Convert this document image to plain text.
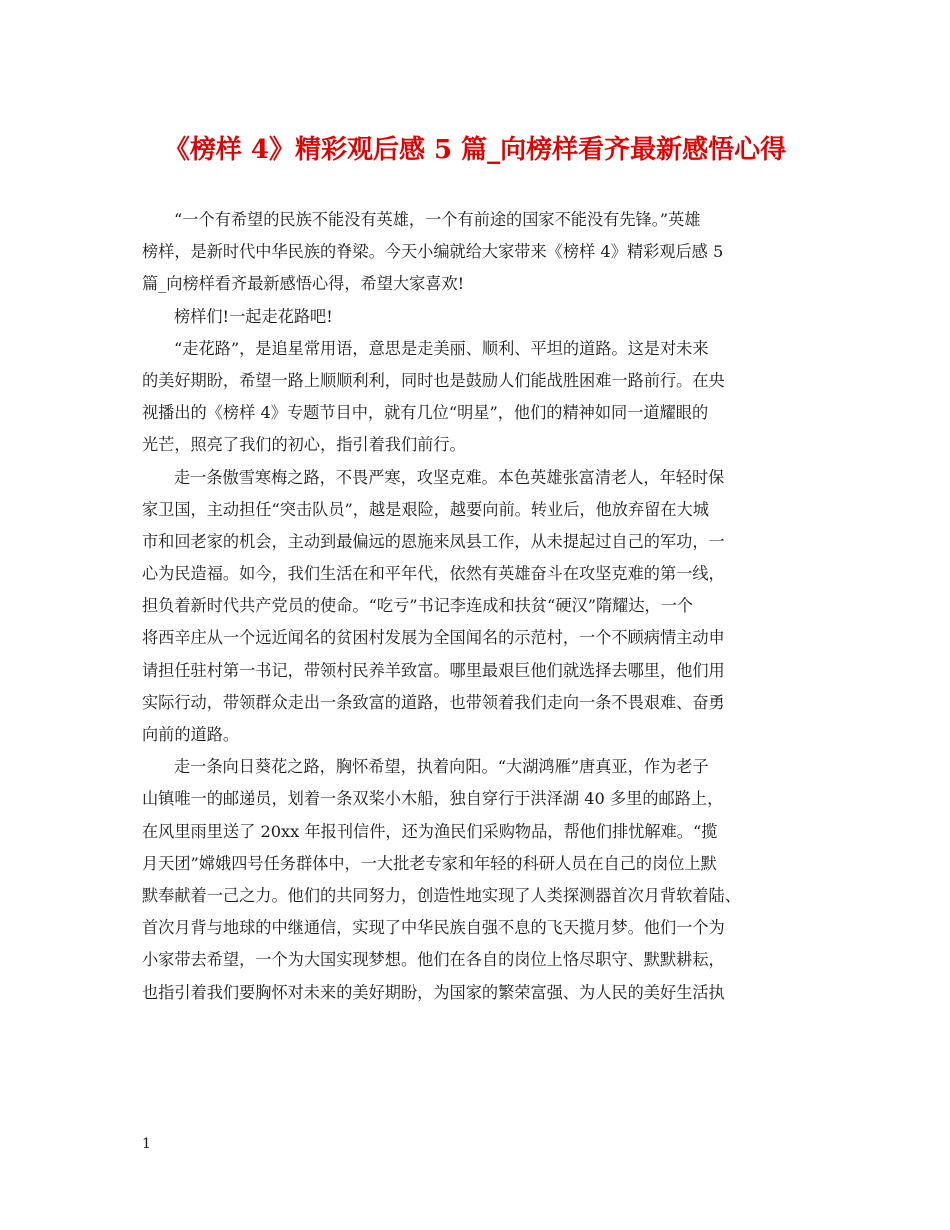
《榜样 4》精彩观后感 5 篇_向榜样看齐最新感悟心得
“一个有希望的民族不能没有英雄，一个有前途的国家不能没有先锋。”英雄
榜样，是新时代中华民族的脊梁。今天小编就给大家带来《榜样 4》精彩观后感 5
篇_向榜样看齐最新感悟心得，希望大家喜欢!
榜样们!一起走花路吧!
“走花路”，是追星常用语，意思是走美丽、顺利、平坦的道路。这是对未来
的美好期盼，希望一路上顺顺利利，同时也是鼓励人们能战胜困难一路前行。在央
视播出的《榜样 4》专题节目中，就有几位“明星”，他们的精神如同一道耀眼的
光芒，照亮了我们的初心，指引着我们前行。
走一条傲雪寒梅之路，不畏严寒，攻坚克难。本色英雄张富清老人，年轻时保
家卫国，主动担任“突击队员”，越是艰险，越要向前。转业后，他放弃留在大城
市和回老家的机会，主动到最偏远的恩施来凤县工作，从未提起过自己的军功，一
心为民造福。如今，我们生活在和平年代，依然有英雄奋斗在攻坚克难的第一线，
担负着新时代共产党员的使命。“吃亏”书记李连成和扶贫“硬汉”隋耀达，一个
将西辛庄从一个远近闻名的贫困村发展为全国闻名的示范村，一个不顾病情主动申
请担任驻村第一书记，带领村民养羊致富。哪里最艰巨他们就选择去哪里，他们用
实际行动，带领群众走出一条致富的道路，也带领着我们走向一条不畏艰难、奋勇
向前的道路。
走一条向日葵花之路，胸怀希望，执着向阳。“大湖鸿雁”唐真亚，作为老子
山镇唯一的邮递员，划着一条双桨小木船，独自穿行于洪泽湖 40 多里的邮路上，
在风里雨里送了 20xx 年报刊信件，还为渔民们采购物品，帮他们排忧解难。“揽
月天团”嫦娥四号任务群体中，一大批老专家和年轻的科研人员在自己的岗位上默
默奉献着一己之力。他们的共同努力，创造性地实现了人类探测器首次月背软着陆、
首次月背与地球的中继通信，实现了中华民族自强不息的飞天揽月梦。他们一个为
小家带去希望，一个为大国实现梦想。他们在各自的岗位上恪尽职守、默默耕耘，
也指引着我们要胸怀对未来的美好期盼，为国家的繁荣富强、为人民的美好生活执
1
